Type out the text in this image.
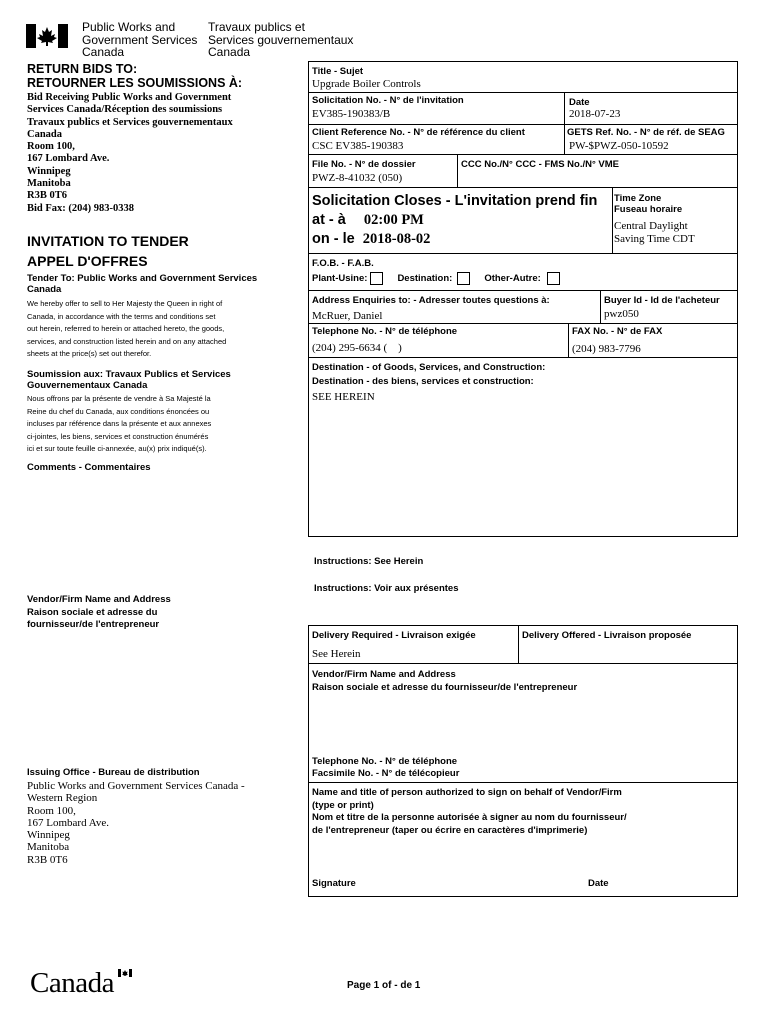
Public Works and
Government Services
Canada
Travaux publics et
Services gouvernementaux
Canada
RETURN BIDS TO:
RETOURNER LES SOUMISSIONS À:
Bid Receiving Public Works and Government
Services Canada/Réception des soumissions
Travaux publics et Services gouvernementaux
Canada
Room 100,
167 Lombard Ave.
Winnipeg
Manitoba
R3B 0T6
Bid Fax: (204) 983-0338
INVITATION TO TENDER
APPEL D'OFFRES
Tender To: Public Works and Government Services
Canada
We hereby offer to sell to Her Majesty the Queen in right of
Canada, in accordance with the terms and conditions set
out herein, referred to herein or attached hereto, the goods,
services, and construction listed herein and on any attached
sheets at the price(s) set out therefor.
Soumission aux: Travaux Publics et Services
Gouvernementaux Canada
Nous offrons par la présente de vendre à Sa Majesté la
Reine du chef du Canada, aux conditions énoncées ou
incluses par référence dans la présente et aux annexes
ci-jointes, les biens, services et construction énumérés
ici et sur toute feuille ci-annexée, au(x) prix indiqué(s).
Comments - Commentaires
Vendor/Firm Name and Address
Raison sociale et adresse du
fournisseur/de l'entrepreneur
Issuing Office - Bureau de distribution
Public Works and Government Services Canada -
Western Region
Room 100,
167 Lombard Ave.
Winnipeg
Manitoba
R3B 0T6
Title - Sujet
Upgrade Boiler Controls
Solicitation No. - N° de l'invitation
EV385-190383/B
Date
2018-07-23
Client Reference No. - N° de référence du client
CSC EV385-190383
GETS Ref. No. - N° de réf. de SEAG
PW-$PWZ-050-10592
File No. - N° de dossier
PWZ-8-41032 (050)
CCC No./N° CCC - FMS No./N° VME
Solicitation Closes - L'invitation prend fin
at - à 02:00 PM
on - le 2018-08-02
Time Zone
Fuseau horaire
Central Daylight
Saving Time CDT
F.O.B. - F.A.B.
Plant-Usine:	Destination:	Other-Autre:
Address Enquiries to: - Adresser toutes questions à:
McRuer, Daniel
Buyer Id - Id de l'acheteur
pwz050
Telephone No. - N° de téléphone
(204) 295-6634 (    )
FAX No. - N° de FAX
(204) 983-7796
Destination - of Goods, Services, and Construction:
Destination - des biens, services et construction:
SEE HEREIN
Instructions: See Herein
Instructions: Voir aux présentes
Delivery Required - Livraison exigée
See Herein
Delivery Offered - Livraison proposée
Vendor/Firm Name and Address
Raison sociale et adresse du fournisseur/de l'entrepreneur
Telephone No. - N° de téléphone
Facsimile No. - N° de télécopieur
Name and title of person authorized to sign on behalf of Vendor/Firm
(type or print)
Nom et titre de la personne autorisée à signer au nom du fournisseur/
de l'entrepreneur (taper ou écrire en caractères d'imprimerie)
Signature	Date
Canada	Page 1 of - de 1
